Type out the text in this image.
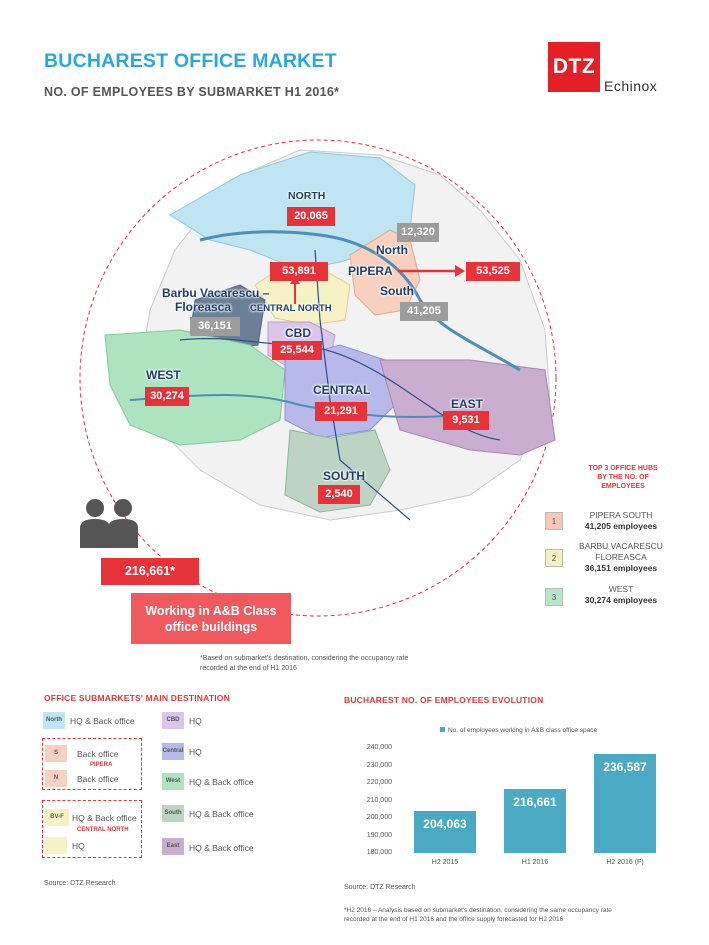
BUCHAREST OFFICE MARKET
NO. OF EMPLOYEES BY SUBMARKET H1 2016*
DTZ
Echinox
NORTH
20,065
12,320
North
PIPERA
South
41,205
53,525
53,891
CENTRAL NORTH
Barbu Vacarescu –
Floreasca
36,151	CBD
25,544
WEST
30,274	CENTRAL
21,291	EAST
9,531
SOUTH
2,540
216,661*
Working in A&B Class
office buildings
*Based on submarket's destination, considering the occupancy rate
recorded at the end of H1 2016
TOP 3 OFFICE HUBS
BY THE NO. OF
EMPLOYEES
1
PIPERA SOUTH
41,205 employees
2
BARBU VACARESCU
FLOREASCA
36,151 employees
3
WEST
30,274 employees
OFFICE SUBMARKETS' MAIN DESTINATION
North HQ & Back office
S	Back office
PIPERA
N	Back office
BV-F HQ & Back office
CENTRAL NORTH
HQ
CBD	HQ
Central HQ
West	HQ & Back office
South HQ & Back office
East	HQ & Back office
Source: DTZ Research
BUCHAREST NO. OF EMPLOYEES EVOLUTION
No. of employees working in A&B class office space
240,000
230,000
220,000
210,000
200,000
190,000
180,000
204,063
H2 2015
216,661
H1 2016
236,587
H2 2016 (F)
Source: DTZ Research
*H2 2016 – Analysis based on submarket's destination, considering the same occupancy rate
recorded at the end of H1 2016 and the office supply forecasted for H2 2016
